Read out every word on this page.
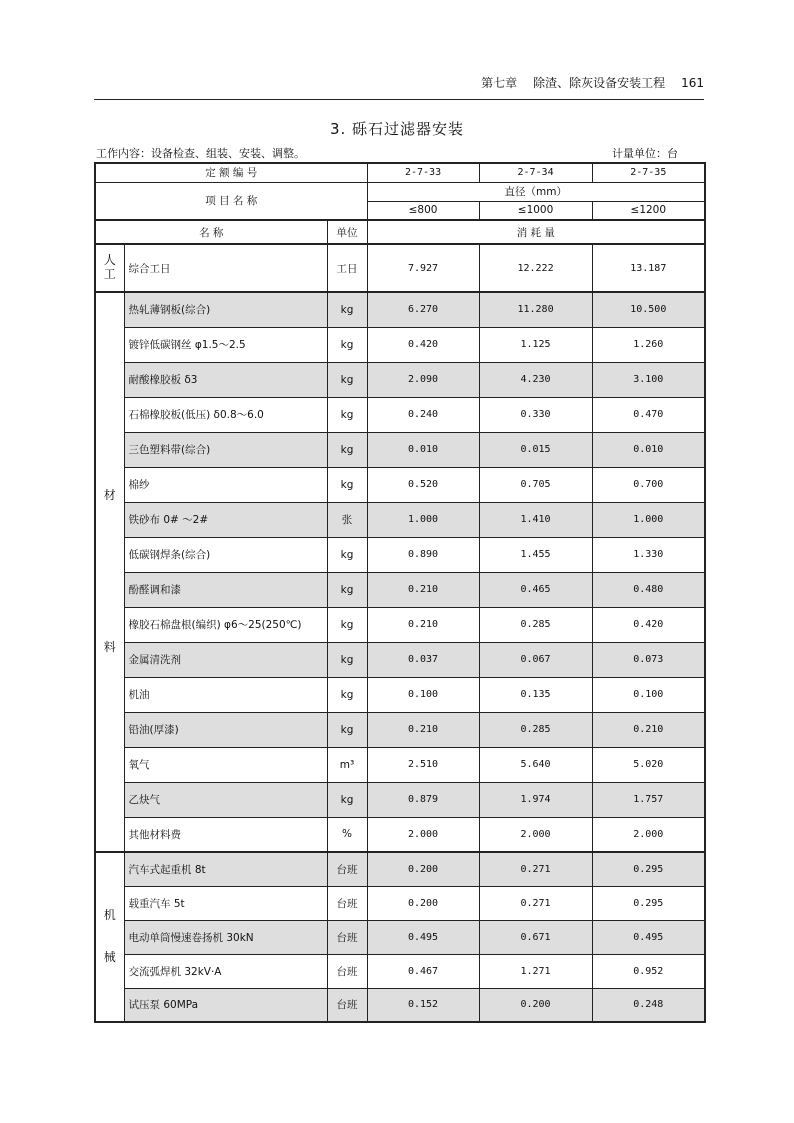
第七章 除渣、除灰设备安装工程 161
3. 砾石过滤器安装
工作内容：设备检查、组装、安装、调整。	计量单位：台
定 额 编 号			2-7-33	2-7-34	2-7-35
项 目 名 称			直径（mm）		
			≤800	≤1000	≤1200
名 称		单位	消 耗 量		
人
工	综合工日	工日	7.927	12.222	13.187
材

料	热轧薄钢板(综合)	kg	6.270	11.280	10.500
	镀锌低碳钢丝 φ1.5～2.5	kg	0.420	1.125	1.260
	耐酸橡胶板 δ3	kg	2.090	4.230	3.100
	石棉橡胶板(低压) δ0.8～6.0	kg	0.240	0.330	0.470
	三色塑料带(综合)	kg	0.010	0.015	0.010
	棉纱	kg	0.520	0.705	0.700
	铁砂布 0# ～2#	张	1.000	1.410	1.000
	低碳钢焊条(综合)	kg	0.890	1.455	1.330
	酚醛调和漆	kg	0.210	0.465	0.480
	橡胶石棉盘根(编织) φ6～25(250℃)	kg	0.210	0.285	0.420
	金属清洗剂	kg	0.037	0.067	0.073
	机油	kg	0.100	0.135	0.100
	铅油(厚漆)	kg	0.210	0.285	0.210
	氧气	m³	2.510	5.640	5.020
	乙炔气	kg	0.879	1.974	1.757
	其他材料费	%	2.000	2.000	2.000
机

械	汽车式起重机 8t	台班	0.200	0.271	0.295
	载重汽车 5t	台班	0.200	0.271	0.295
	电动单筒慢速卷扬机 30kN	台班	0.495	0.671	0.495
	交流弧焊机 32kV·A	台班	0.467	1.271	0.952
	试压泵 60MPa	台班	0.152	0.200	0.248
